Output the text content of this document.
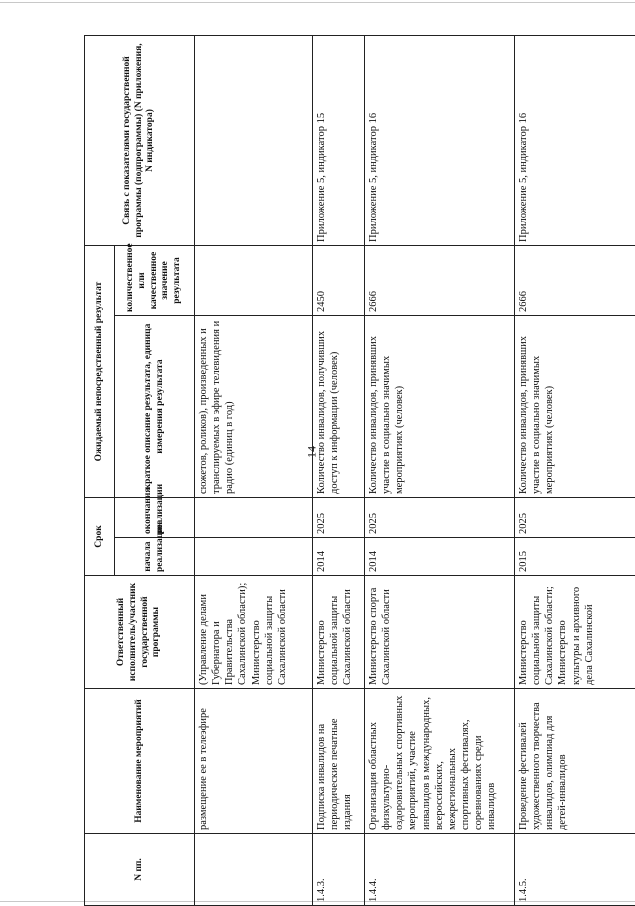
14
N пп.	Наименование мероприятий	Ответственный исполнитель/участник государственной программы	Срок		Ожидаемый непосредственный результат		Связь с показателями государственной программы (подпрограммы) (N приложения, N индикатора)
			начала реализации	окончания реализации	краткое описание результата, единица измерения результата	количественное или качественное значение результата	
	размещение ее в телеэфире	(Управление делами Губернатора и Правительства Сахалинской области); Министерство социальной защиты Сахалинской области			сюжетов, роликов), произведенных и транслируемых в эфире телевидения и радио (единиц в год)		
1.4.3.	Подписка инвалидов на периодические печатные издания	Министерство социальной защиты Сахалинской области	2014	2025	Количество инвалидов, получивших доступ к информации (человек)	2450	Приложение 5, индикатор 15
1.4.4.	Организация областных физкультурно-оздоровительных спортивных мероприятий, участие инвалидов в международных, всероссийских, межрегиональных спортивных фестивалях, соревнованиях среди инвалидов	Министерство спорта Сахалинской области	2014	2025	Количество инвалидов, принявших участие в социально значимых мероприятиях (человек)	2666	Приложение 5, индикатор 16
1.4.5.	Проведение фестивалей художественного творчества инвалидов, олимпиад для детей-инвалидов	Министерство социальной защиты Сахалинской области; Министерство культуры и архивного дела Сахалинской	2015	2025	Количество инвалидов, принявших участие в социально значимых мероприятиях (человек)	2666	Приложение 5, индикатор 16
